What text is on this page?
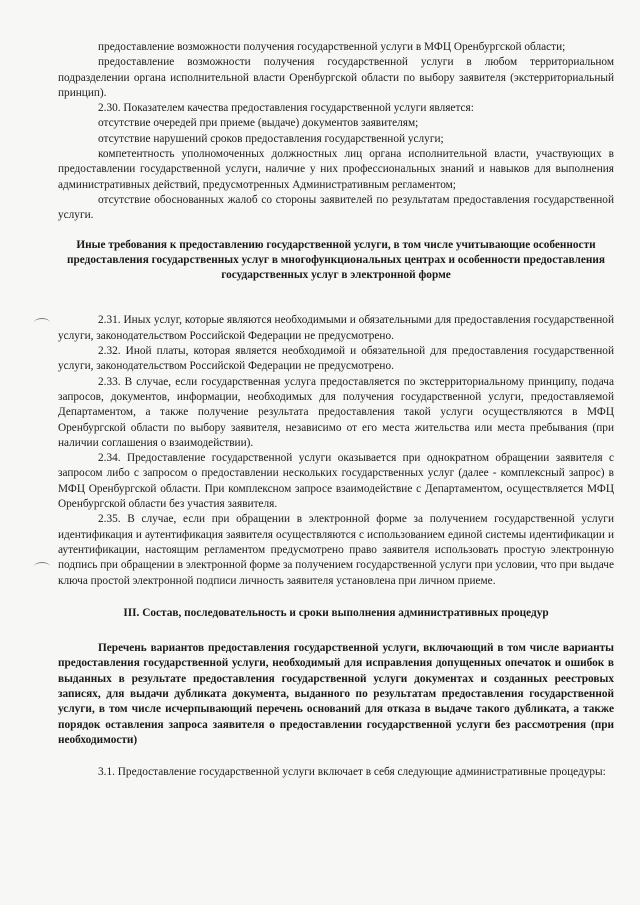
предоставление возможности получения государственной услуги в МФЦ Оренбургской области;

предоставление возможности получения государственной услуги в любом территориальном подразделении органа исполнительной власти Оренбургской области по выбору заявителя (экстерриториальный принцип).

2.30. Показателем качества предоставления государственной услуги является:

отсутствие очередей при приеме (выдаче) документов заявителям;

отсутствие нарушений сроков предоставления государственной услуги;

компетентность уполномоченных должностных лиц органа исполнительной власти, участвующих в предоставлении государственной услуги, наличие у них профессиональных знаний и навыков для выполнения административных действий, предусмотренных Административным регламентом;

отсутствие обоснованных жалоб со стороны заявителей по результатам предоставления государственной услуги.

Иные требования к предоставлению государственной услуги, в том числе учитывающие особенности предоставления государственных услуг в многофункциональных центрах и особенности предоставления государственных услуг в электронной форме

2.31. Иных услуг, которые являются необходимыми и обязательными для предоставления государственной услуги, законодательством Российской Федерации не предусмотрено.

2.32. Иной платы, которая является необходимой и обязательной для предоставления государственной услуги, законодательством Российской Федерации не предусмотрено.

2.33. В случае, если государственная услуга предоставляется по экстерриториальному принципу, подача запросов, документов, информации, необходимых для получения государственной услуги, предоставляемой Департаментом, а также получение результата предоставления такой услуги осуществляются в МФЦ Оренбургской области по выбору заявителя, независимо от его места жительства или места пребывания (при наличии соглашения о взаимодействии).

2.34. Предоставление государственной услуги оказывается при однократном обращении заявителя с запросом либо с запросом о предоставлении нескольких государственных услуг (далее - комплексный запрос) в МФЦ Оренбургской области. При комплексном запросе взаимодействие с Департаментом, осуществляется МФЦ Оренбургской области без участия заявителя.

2.35. В случае, если при обращении в электронной форме за получением государственной услуги идентификация и аутентификация заявителя осуществляются с использованием единой системы идентификации и аутентификации, настоящим регламентом предусмотрено право заявителя использовать простую электронную подпись при обращении в электронной форме за получением государственной услуги при условии, что при выдаче ключа простой электронной подписи личность заявителя установлена при личном приеме.

III. Состав, последовательность и сроки выполнения административных процедур

Перечень вариантов предоставления государственной услуги, включающий в том числе варианты предоставления государственной услуги, необходимый для исправления допущенных опечаток и ошибок в выданных в результате предоставления государственной услуги документах и созданных реестровых записях, для выдачи дубликата документа, выданного по результатам предоставления государственной услуги, в том числе исчерпывающий перечень оснований для отказа в выдаче такого дубликата, а также порядок оставления запроса заявителя о предоставлении государственной услуги без рассмотрения (при необходимости)

3.1. Предоставление государственной услуги включает в себя следующие административные процедуры:
